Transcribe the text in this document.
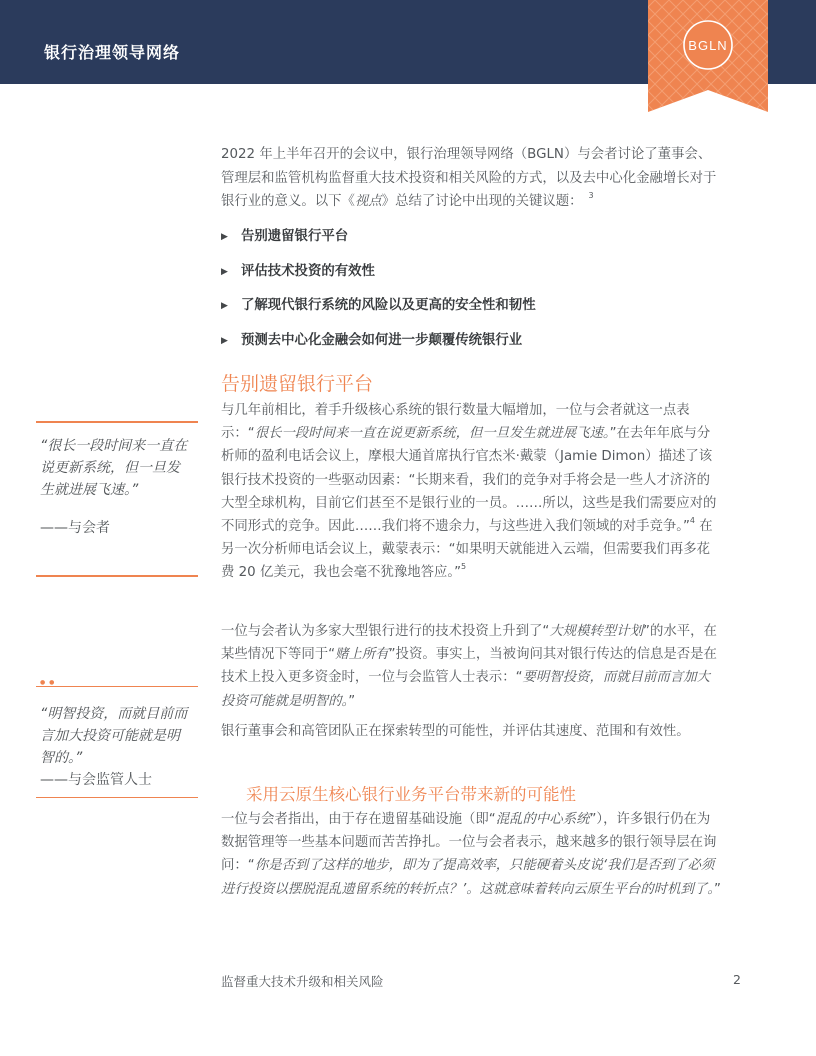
银行治理领导网络	BGLN
2022 年上半年召开的会议中，银行治理领导网络（BGLN）与会者讨论了董事会、管理层和监管机构监督重大技术投资和相关风险的方式，以及去中心化金融增长对于银行业的意义。以下《视点》总结了讨论中出现的关键议题： $^3$
▶ 告别遗留银行平台
▶ 评估技术投资的有效性
▶ 了解现代银行系统的风险以及更高的安全性和韧性
▶ 预测去中心化金融会如何进一步颠覆传统银行业
告别遗留银行平台

与几年前相比，着手升级核心系统的银行数量大幅增加，一位与会者就这一点表示：“很长一段时间来一直在说更新系统，但一旦发生就进展飞速。”在去年年底与分析师的盈利电话会议上，摩根大通首席执行官杰米·戴蒙（Jamie Dimon）描述了该银行技术投资的一些驱动因素：“长期来看，我们的竞争对手将会是一些人才济济的大型全球机构，目前它们甚至不是银行业的一员。……所以，这些是我们需要应对的不同形式的竞争。因此……我们将不遗余力，与这些进入我们领域的对手竞争。”$^4$ 在另一次分析师电话会议上，戴蒙表示：“如果明天就能进入云端，但需要我们再多花费 20 亿美元，我也会毫不犹豫地答应。”$^5$

一位与会者认为多家大型银行进行的技术投资上升到了“大规模转型计划”的水平，在某些情况下等同于“赌上所有”投资。事实上，当被询问其对银行传达的信息是否是在技术上投入更多资金时，一位与会监管人士表示：“要明智投资，而就目前而言加大投资可能就是明智的。”

银行董事会和高管团队正在探索转型的可能性，并评估其速度、范围和有效性。

采用云原生核心银行业务平台带来新的可能性

一位与会者指出，由于存在遗留基础设施（即“混乱的中心系统”），许多银行仍在为数据管理等一些基本问题而苦苦挣扎。一位与会者表示，越来越多的银行领导层在询问：“你是否到了这样的地步，即为了提高效率，只能硬着头皮说‘我们是否到了必须进行投资以摆脱混乱遗留系统的转折点？’。这就意味着转向云原生平台的时机到了。”

“很长一段时间来一直在说更新系统，但一旦发生就进展飞速。”
——与会者
● ●
“明智投资，而就目前而言加大投资可能就是明智的。”
——与会监管人士
监督重大技术升级和相关风险	2
